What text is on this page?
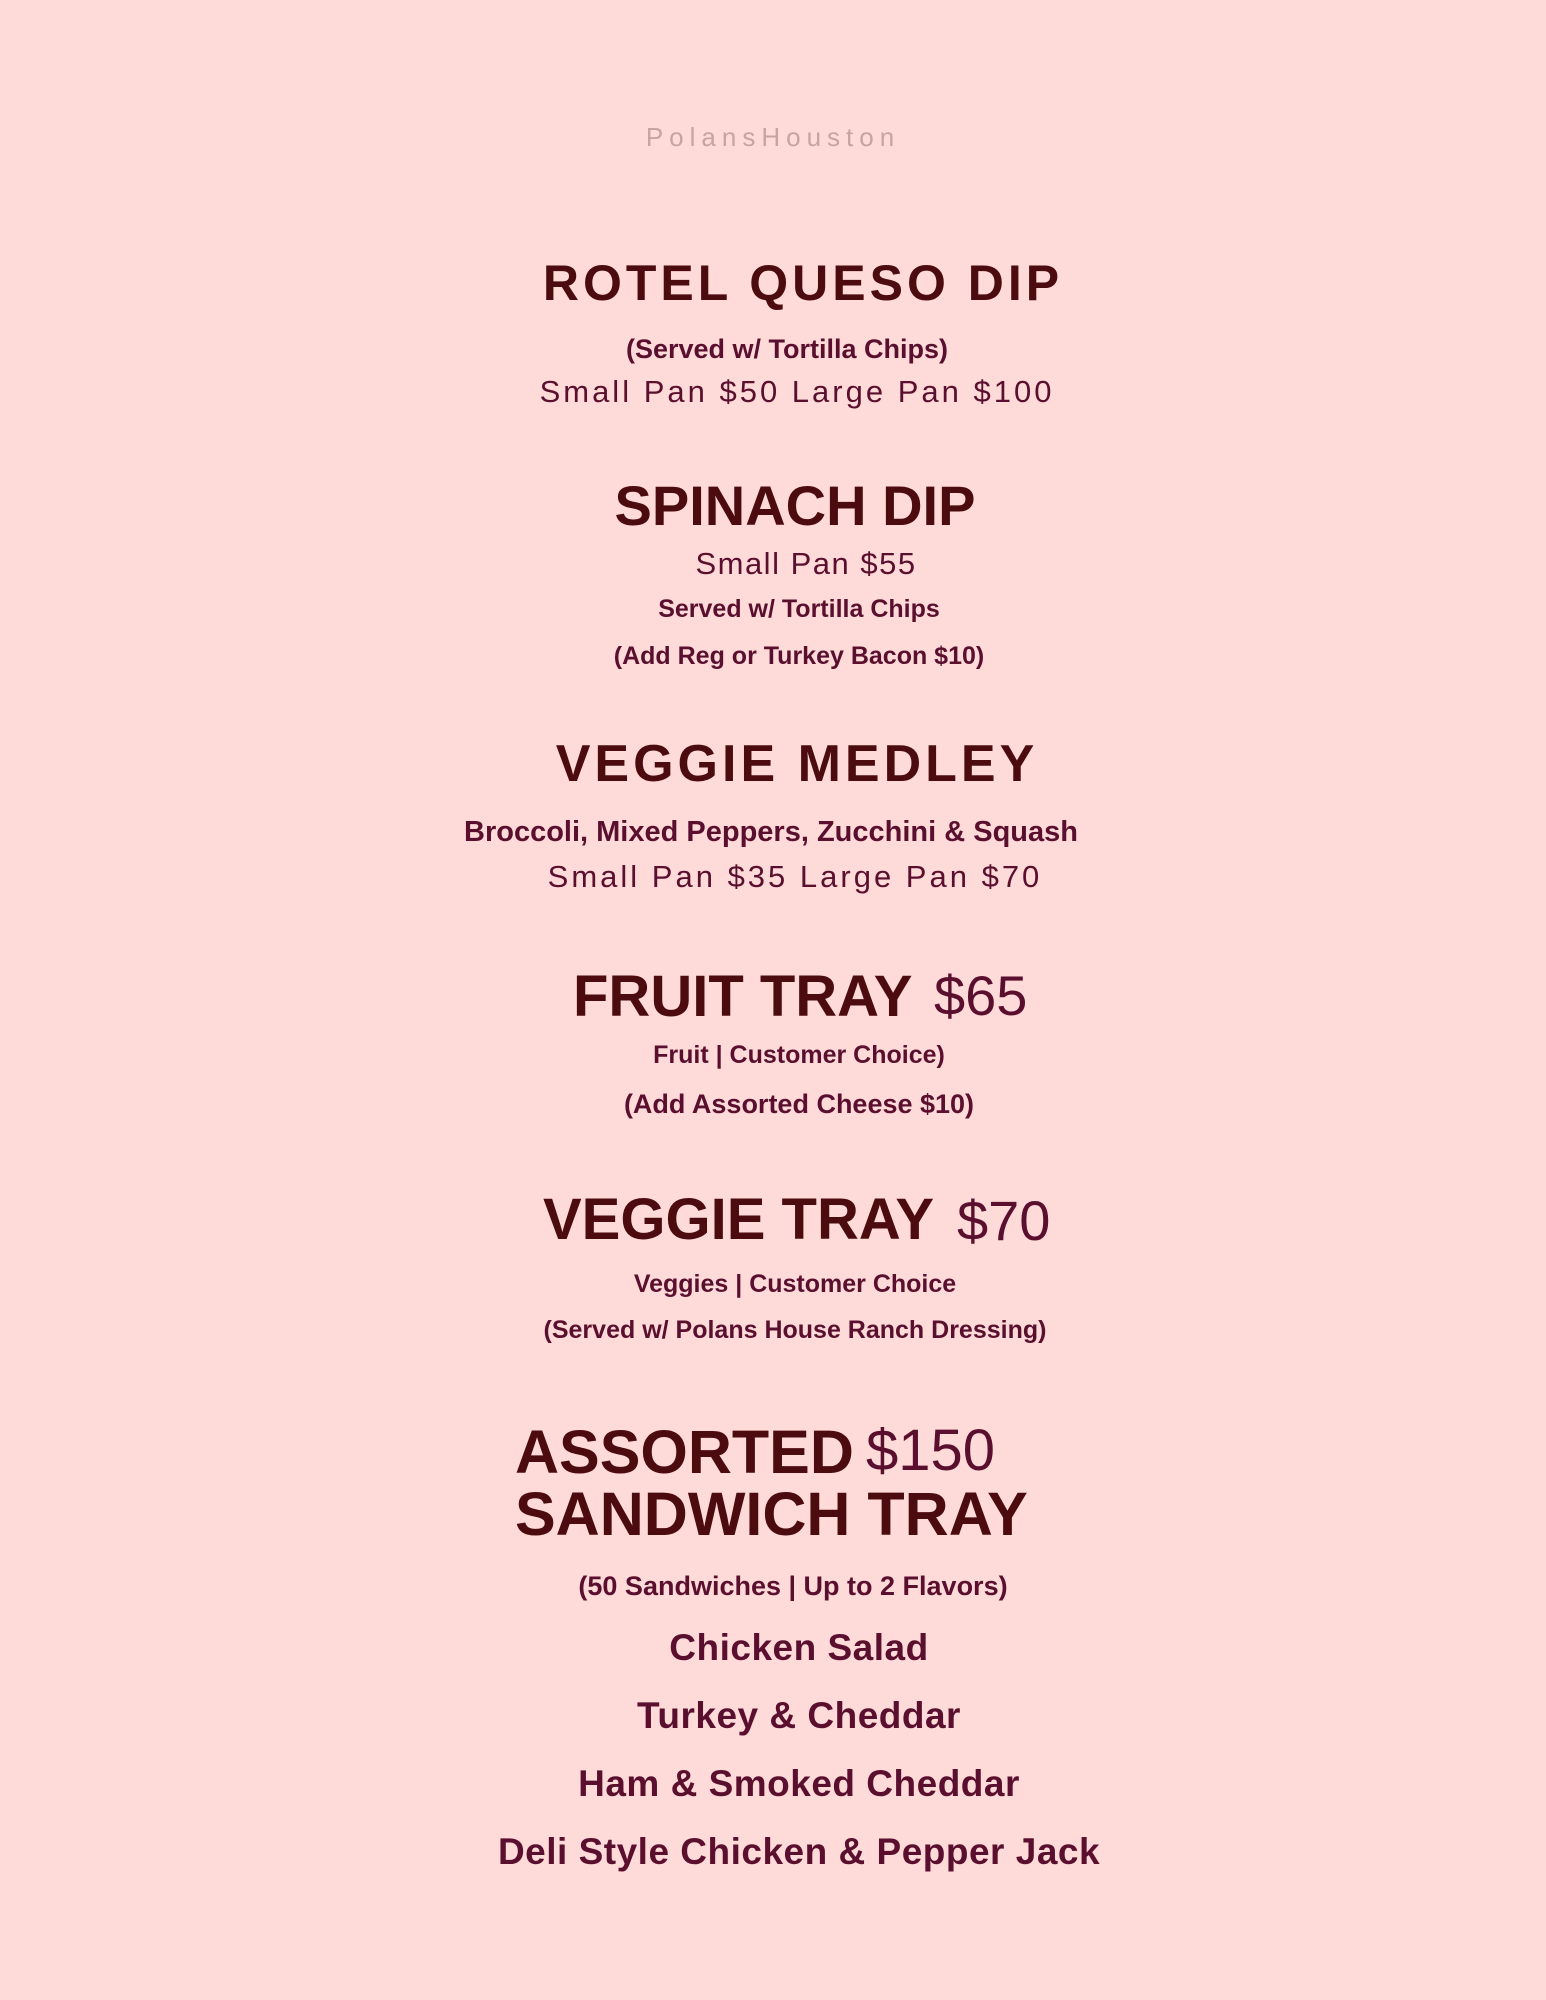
PolansHouston
ROTEL QUESO DIP
(Served w/ Tortilla Chips)
Small Pan $50 Large Pan $100
SPINACH DIP
Small Pan $55
Served w/ Tortilla Chips
(Add Reg or Turkey Bacon $10)
VEGGIE MEDLEY
Broccoli, Mixed Peppers, Zucchini & Squash
Small Pan $35 Large Pan $70
FRUIT TRAY $65
Fruit | Customer Choice)
(Add Assorted Cheese $10)
VEGGIE TRAY $70
Veggies | Customer Choice
(Served w/ Polans House Ranch Dressing)
ASSORTED $150
SANDWICH TRAY
(50 Sandwiches | Up to 2 Flavors)
Chicken Salad
Turkey & Cheddar
Ham & Smoked Cheddar
Deli Style Chicken & Pepper Jack
